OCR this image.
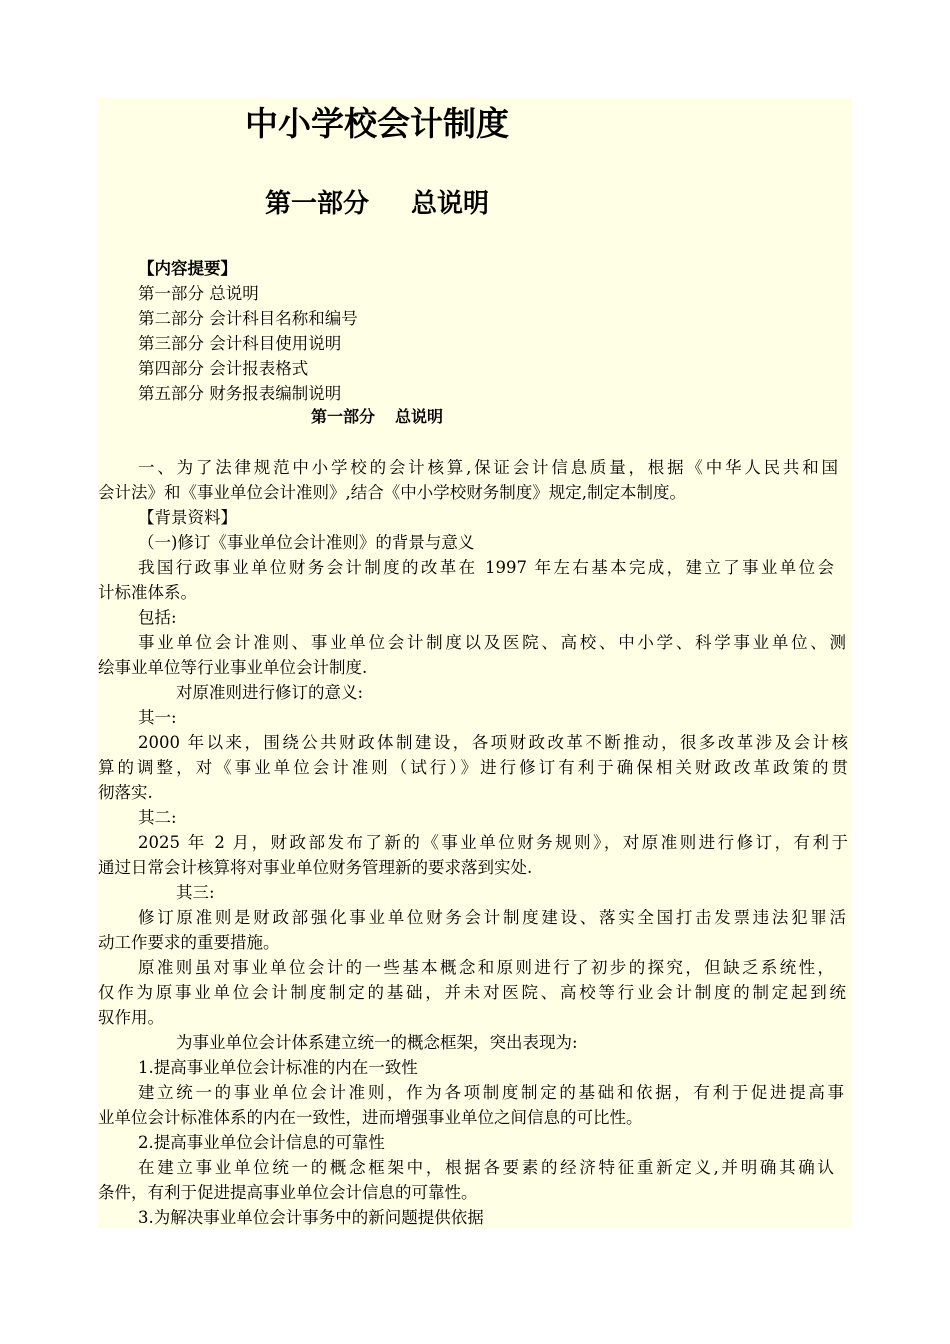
中小学校会计制度
第一部分 总说明
【内容提要】
第一部分 总说明
第二部分 会计科目名称和编号
第三部分 会计科目使用说明
第四部分 会计报表格式
第五部分 财务报表编制说明
第一部分 总说明
一、为了法律规范中小学校的会计核算,保证会计信息质量，根据《中华人民共和国
会计法》和《事业单位会计准则》,结合《中小学校财务制度》规定,制定本制度。
【背景资料】
（一)修订《事业单位会计准则》的背景与意义
我国行政事业单位财务会计制度的改革在 1997 年左右基本完成，建立了事业单位会
计标准体系。
包括:
事业单位会计准则、事业单位会计制度以及医院、高校、中小学、科学事业单位、测
绘事业单位等行业事业单位会计制度.
对原准则进行修订的意义:
其一:
2000 年以来，围绕公共财政体制建设，各项财政改革不断推动，很多改革涉及会计核
算的调整，对《事业单位会计准则（试行）》进行修订有利于确保相关财政改革政策的贯
彻落实.
其二:
2025 年 2 月，财政部发布了新的《事业单位财务规则》，对原准则进行修订，有利于
通过日常会计核算将对事业单位财务管理新的要求落到实处.
其三:
修订原准则是财政部强化事业单位财务会计制度建设、落实全国打击发票违法犯罪活
动工作要求的重要措施。
原准则虽对事业单位会计的一些基本概念和原则进行了初步的探究，但缺乏系统性，
仅作为原事业单位会计制度制定的基础，并未对医院、高校等行业会计制度的制定起到统
驭作用。
为事业单位会计体系建立统一的概念框架，突出表现为:
1.提高事业单位会计标准的内在一致性
建立统一的事业单位会计准则，作为各项制度制定的基础和依据，有利于促进提高事
业单位会计标准体系的内在一致性，进而增强事业单位之间信息的可比性。
2.提高事业单位会计信息的可靠性
在建立事业单位统一的概念框架中，根据各要素的经济特征重新定义,并明确其确认
条件，有利于促进提高事业单位会计信息的可靠性。
3.为解决事业单位会计事务中的新问题提供依据
